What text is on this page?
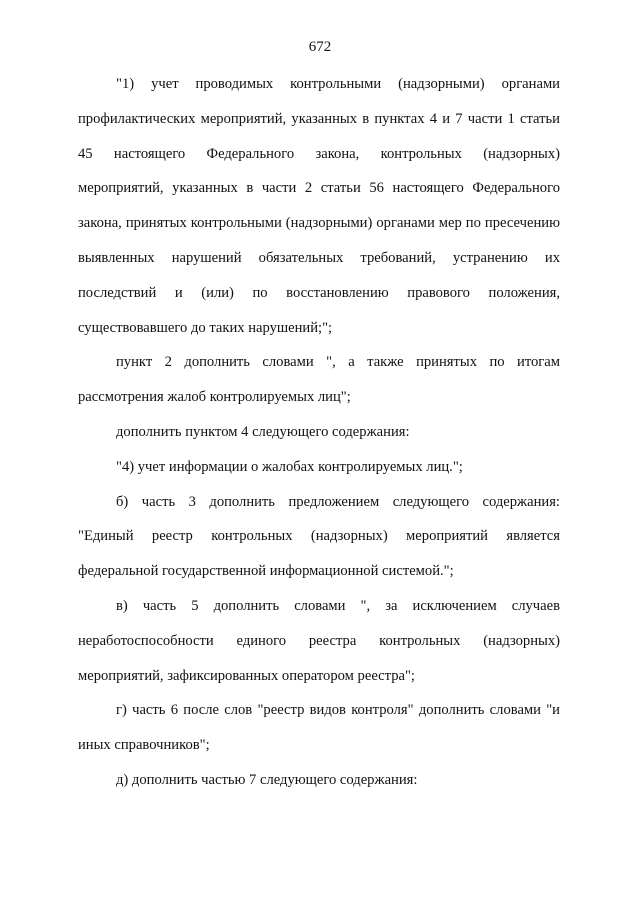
672

"1) учет проводимых контрольными (надзорными) органами профилактических мероприятий, указанных в пунктах 4 и 7 части 1 статьи 45 настоящего Федерального закона, контрольных (надзорных) мероприятий, указанных в части 2 статьи 56 настоящего Федерального закона, принятых контрольными (надзорными) органами мер по пресечению выявленных нарушений обязательных требований, устранению их последствий и (или) по восстановлению правового положения, существовавшего до таких нарушений;";

пункт 2 дополнить словами ", а также принятых по итогам рассмотрения жалоб контролируемых лиц";

дополнить пунктом 4 следующего содержания:

"4) учет информации о жалобах контролируемых лиц.";

б) часть 3 дополнить предложением следующего содержания: "Единый реестр контрольных (надзорных) мероприятий является федеральной государственной информационной системой.";

в) часть 5 дополнить словами ", за исключением случаев неработоспособности единого реестра контрольных (надзорных) мероприятий, зафиксированных оператором реестра";

г) часть 6 после слов "реестр видов контроля" дополнить словами "и иных справочников";

д) дополнить частью 7 следующего содержания:
